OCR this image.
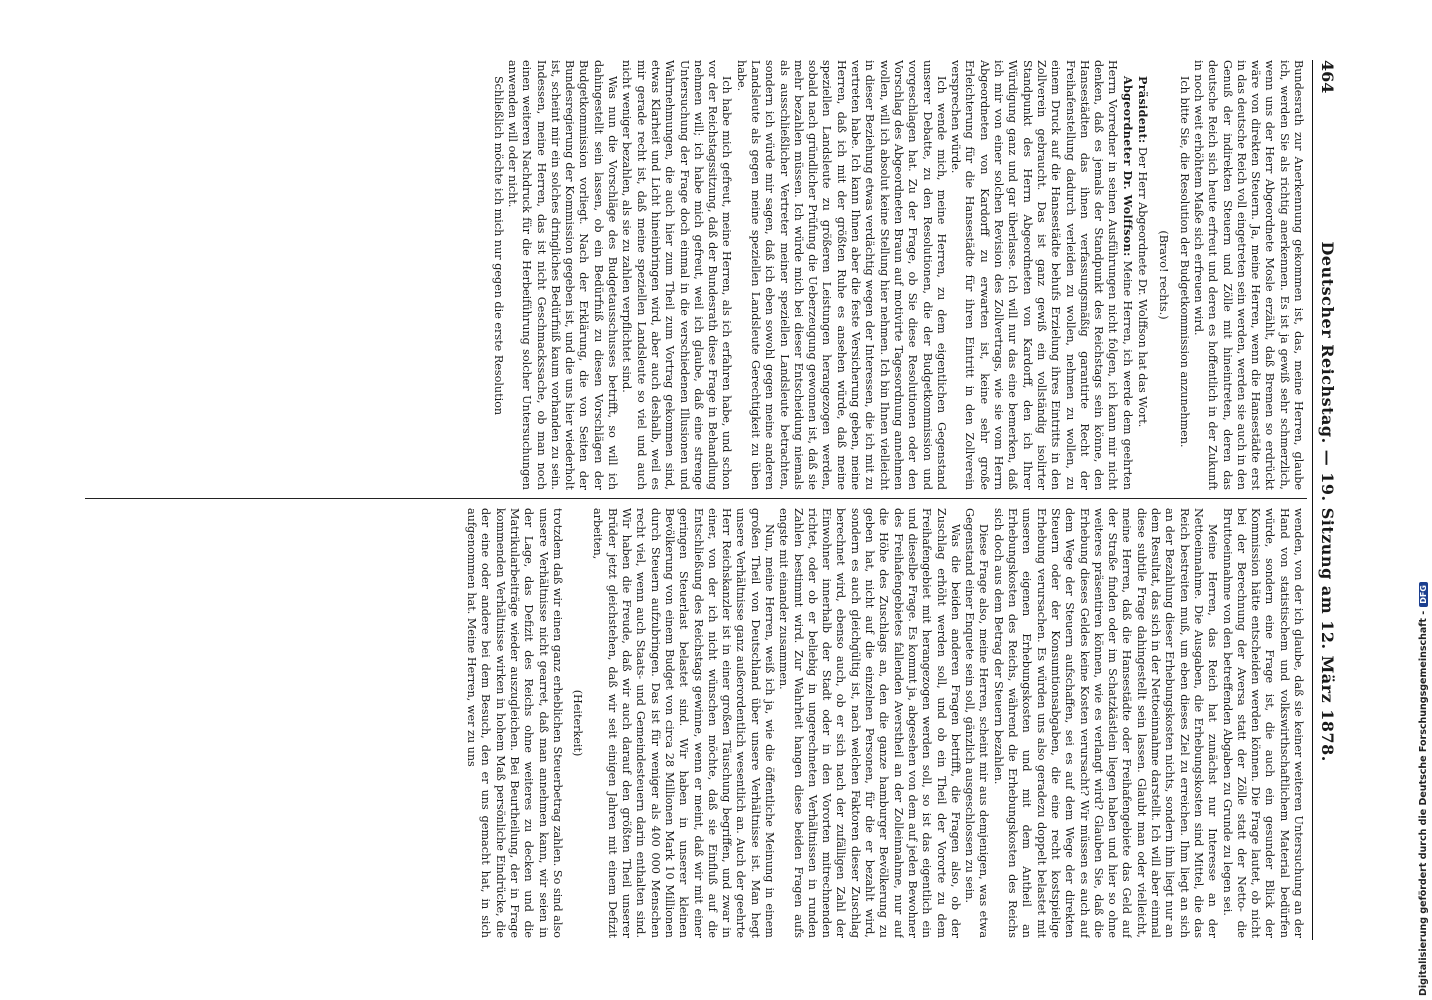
464
Deutscher Reichstag. — 19. Sitzung am 12. März 1878.

Bundesrath zur Anerkennung gekommen ist, das, meine Herren, glaube ich, werden Sie als richtig anerkennen. Es ist ja gewiß sehr schmerzlich, wenn uns der Herr Abgeordnete Mosle erzählt, daß Bremen so erdrückt wäre von direkten Steuern. Ja, meine Herren, wenn die Hansestädte erst in das deutsche Reich voll eingetreten sein werden, werden sie auch in den Genuß der indirekten Steuern und Zölle mit hineintreten, deren das deutsche Reich sich heute erfreut und deren es hoffentlich in der Zukunft in noch weit erhöhtem Maße sich erfreuen wird.

Ich bitte Sie, die Resolution der Budgetkommission anzunehmen.

(Bravo! rechts.)

Präsident: Der Herr Abgeordnete Dr. Wolffson hat das Wort.

Abgeordneter Dr. Wolffson: Meine Herren, ich werde dem geehrten Herrn Vorredner in seinen Ausführungen nicht folgen, ich kann mir nicht denken, daß es jemals der Standpunkt des Reichstags sein könne, den Hansestädten das ihnen verfassungsmäßig garantirte Recht der Freihafenstellung dadurch verleiden zu wollen, nehmen zu wollen, zu einem Druck auf die Hansestädte behufs Erzielung ihres Eintritts in den Zollverein gebraucht. Das ist ganz gewiß ein vollständig isolirter Standpunkt des Herrn Abgeordneten von Kardorff, den ich Ihrer Würdigung ganz und gar überlasse. Ich will nur das eine bemerken, daß ich mir von einer solchen Revision des Zollvertrags, wie sie vom Herrn Abgeordneten von Kardorff zu erwarten ist, keine sehr große Erleichterung für die Hansestädte für ihren Eintritt in den Zollverein versprechen würde.

Ich wende mich, meine Herren, zu dem eigentlichen Gegenstand unserer Debatte, zu den Resolutionen, die der Budgetkommission und vorgeschlagen hat. Zu der Frage, ob Sie diese Resolutionen oder den Vorschlag des Abgeordneten Braun auf motivirte Tagesordnung annehmen wollen, will ich absolut keine Stellung hier nehmen. Ich bin Ihnen vielleicht in dieser Beziehung etwas verdächtig wegen der Interessen, die ich mit zu vertreten habe. Ich kann Ihnen aber die feste Versicherung geben, meine Herren, daß ich mit der größten Ruhe es ansehen würde, daß meine speziellen Landsleute zu größeren Leistungen herangezogen werden, sobald nach gründlicher Prüfung die Ueberzeugung gewonnen ist, daß sie mehr bezahlen müssen. Ich würde mich bei dieser Entscheidung niemals als ausschließlicher Vertreter meiner speziellen Landsleute betrachten, sondern ich würde mir sagen, daß ich eben sowohl gegen meine anderen Landsleute als gegen meine speziellen Landsleute Gerechtigkeit zu üben habe.

Ich habe mich gefreut, meine Herren, als ich erfahren habe, und schon vor der Reichstagssitzung, daß der Bundesrath diese Frage in Behandlung nehmen will; ich habe mich gefreut, weil ich glaube, daß eine strenge Untersuchung der Frage doch einmal in die verschiedenen Illusionen und Wahrnehmungen, die auch hier zum Theil zum Vortrag gekommen sind, etwas Klarheit und Licht hineinbringen wird, aber auch deshalb, weil es mir gerade recht ist, daß meine speziellen Landsleute so viel und auch nicht weniger bezahlen, als sie zu zahlen verpflichtet sind.

Was nun die Vorschläge des Budgetausschusses betrifft, so will ich dahingestellt sein lassen, ob ein Bedürfniß zu diesen Vorschlägen der Budgetkommission vorliegt. Nach der Erklärung, die von Seiten der Bundesregierung der Kommission gegeben ist, und die uns hier wiederholt ist, scheint mir ein solches dringliches Bedürfniß kaum vorhanden zu sein. Indessen, meine Herren, das ist nicht Geschmackssache, ob man noch einen weiteren Nachdruck für die Herbeiführung solcher Untersuchungen anwenden will oder nicht.

Schließlich möchte ich mich nur gegen die erste Resolution

wenden, von der ich glaube, daß sie keiner weiteren Untersuchung an der Hand von statistischem und volkswirthschaftlichem Material bedürfen würde, sondern eine Frage ist, die auch ein gesunder Blick der Kommission hätte entscheiden werden können. Die Frage lautet, ob nicht bei der Berechnung der Aversa statt der Zölle statt der Netto- die Bruttoeinnahme von den betreffenden Abgaben zu Grunde zu legen sei.

Meine Herren, das Reich hat zunächst nur Interesse an der Nettoeinnahme. Die Ausgaben, die Erhebungskosten sind Mittel, die das Reich bestreiten muß, um eben dieses Ziel zu erreichen. Ihm liegt an sich an der Bezahlung dieser Erhebungskosten nichts, sondern ihm liegt nur an dem Resultat, das sich in der Nettoeinnahme darstellt. Ich will aber einmal diese subtile Frage dahingestellt sein lassen. Glaubt man oder vielleicht, meine Herren, daß die Hansestädte oder Freihafengebiete das Geld auf der Straße finden oder im Schatzkästlein liegen haben und hier so ohne weiteres präsentiren können, wie es verlangt wird? Glauben Sie, daß die Erhebung dieses Geldes keine Kosten verursacht? Wir müssen es auch auf dem Wege der Steuern aufschaffen, sei es auf dem Wege der direkten Steuern oder der Konsumtionsabgaben, die eine recht kostspielige Erhebung verursachen. Es würden uns also geradezu doppelt belastet mit unseren eigenen Erhebungskosten und mit dem Antheil an Erhebungskosten des Reichs, während die Erhebungskosten des Reichs sich doch aus dem Betrag der Steuern bezahlen.

Diese Frage also, meine Herren, scheint mir aus demjenigen, was etwa Gegenstand einer Enquete sein soll, gänzlich ausgeschlossen zu sein.

Was die beiden anderen Fragen betrifft, die Fragen also, ob der Zuschlag erhöht werden soll, und ob ein Theil der Vororte zu dem Freihafengebiet mit herangezogen werden soll, so ist das eigentlich ein und dieselbe Frage. Es kommt ja, abgesehen von dem auf jeden Bewohner des Freihafengebietes fallenden Averstheil an der Zolleinnahme, nur auf die Höhe des Zuschlags an, den die ganze hamburger Bevölkerung zu geben hat, nicht auf die einzelnen Personen, für die er bezahlt wird, sondern es auch gleichgültig ist, nach welchen Faktoren dieser Zuschlag berechnet wird, ebenso auch, ob er sich nach der zufälligen Zahl der Einwohner innerhalb der Stadt oder in den Vororten mitrechnenden richtet, oder ob er beliebig in ungerechneten Verhältnissen in runden Zahlen bestimmt wird. Zur Wahrheit hangen diese beiden Fragen aufs engste mit einander zusammen.

Nun, meine Herren, weiß ich ja, wie die öffentliche Meinung in einem großen Theil von Deutschland über unsere Verhältnisse ist. Man hegt unsere Verhältnisse ganz außerordentlich wesentlich an. Auch der geehrte Herr Reichskanzler ist in einer großen Täuschung begriffen, und zwar in einer, von der ich nicht wünschen möchte, daß sie Einfluß auf die Entschließung des Reichstags gewinne, wenn er meint, daß wir mit einer geringen Steuerlast belastet sind. Wir haben in unserer kleinen Bevölkerung von einem Budget von circa 28 Millionen Mark 10 Millionen durch Steuern aufzubringen. Das ist für weniger als 400 000 Menschen recht viel, wenn auch Staats- und Gemeindesteuern darin enthalten sind. Wir haben die Freude, daß wir auch darauf den größten Theil unserer Brüder jetzt gleichstehen, daß wir seit einigen Jahren mit einem Defizit arbeiten,

(Heiterkeit)

trotzdem daß wir einen ganz erheblichen Steuerbetrag zahlen. So sind also unsere Verhältnisse nicht gearret, daß man annehmen kann, wir seien in der Lage, das Defizit des Reichs ohne weiteres zu decken und die Matrikularbeiträge wieder auszugleichen. Bei Beurtheilung, der in Frage kommenden Verhältnisse wirken in hohem Maß persönliche Eindrücke, die der eine oder andere bei dem Besuch, den er uns gemacht hat, in sich aufgenommen hat. Meine Herren, wer zu uns	Digitalisierung gefördert durch die Deutsche Forschungsgemeinschaft -
DFG
